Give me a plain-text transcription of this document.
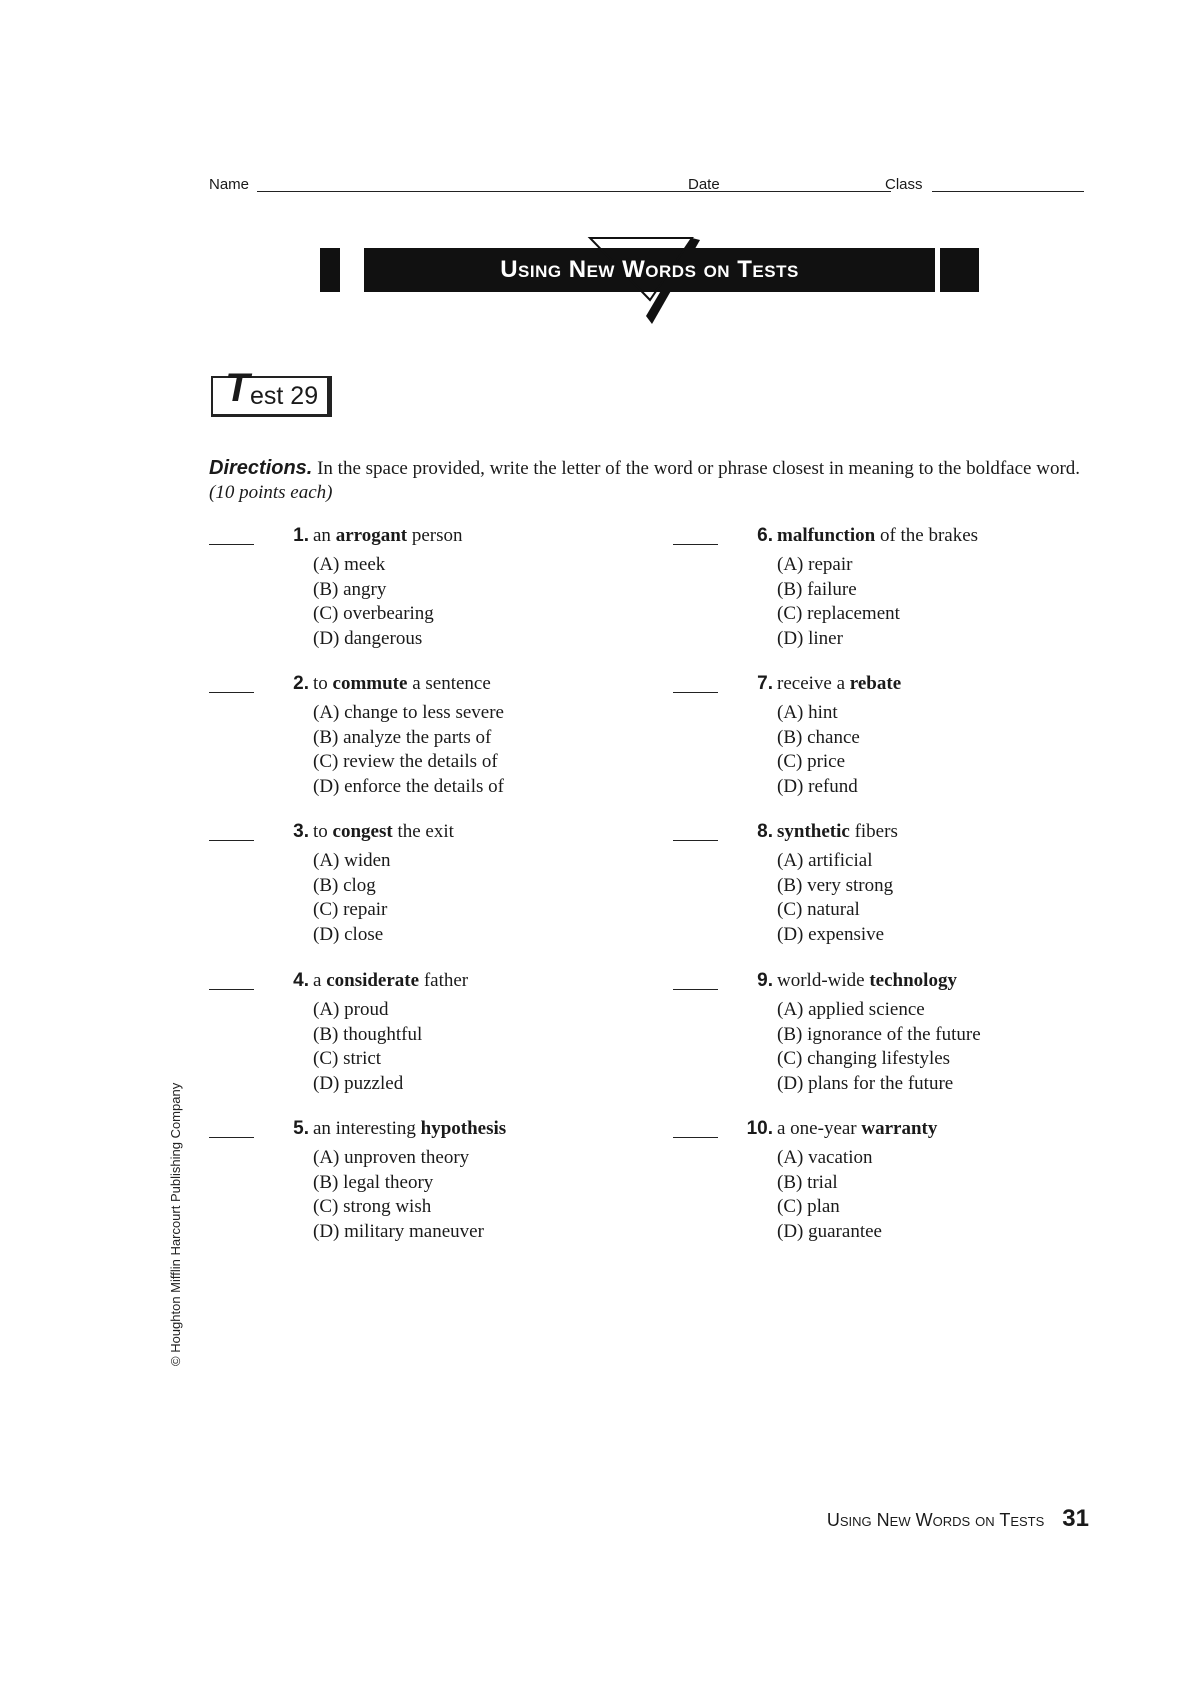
Name	Date	Class
Using New Words on Tests
T est 29
Directions. In the space provided, write the letter of the word or phrase closest in meaning to the boldface word. (10 points each)
1. an arrogant person
(A) meek
(B) angry
(C) overbearing
(D) dangerous
2. to commute a sentence
(A) change to less severe
(B) analyze the parts of
(C) review the details of
(D) enforce the details of
3. to congest the exit
(A) widen
(B) clog
(C) repair
(D) close
4. a considerate father
(A) proud
(B) thoughtful
(C) strict
(D) puzzled
5. an interesting hypothesis
(A) unproven theory
(B) legal theory
(C) strong wish
(D) military maneuver
6. malfunction of the brakes
(A) repair
(B) failure
(C) replacement
(D) liner
7. receive a rebate
(A) hint
(B) chance
(C) price
(D) refund
8. synthetic fibers
(A) artificial
(B) very strong
(C) natural
(D) expensive
9. world-wide technology
(A) applied science
(B) ignorance of the future
(C) changing lifestyles
(D) plans for the future
10. a one-year warranty
(A) vacation
(B) trial
(C) plan
(D) guarantee
© Houghton Mifflin Harcourt Publishing Company
Using New Words on Tests 31
